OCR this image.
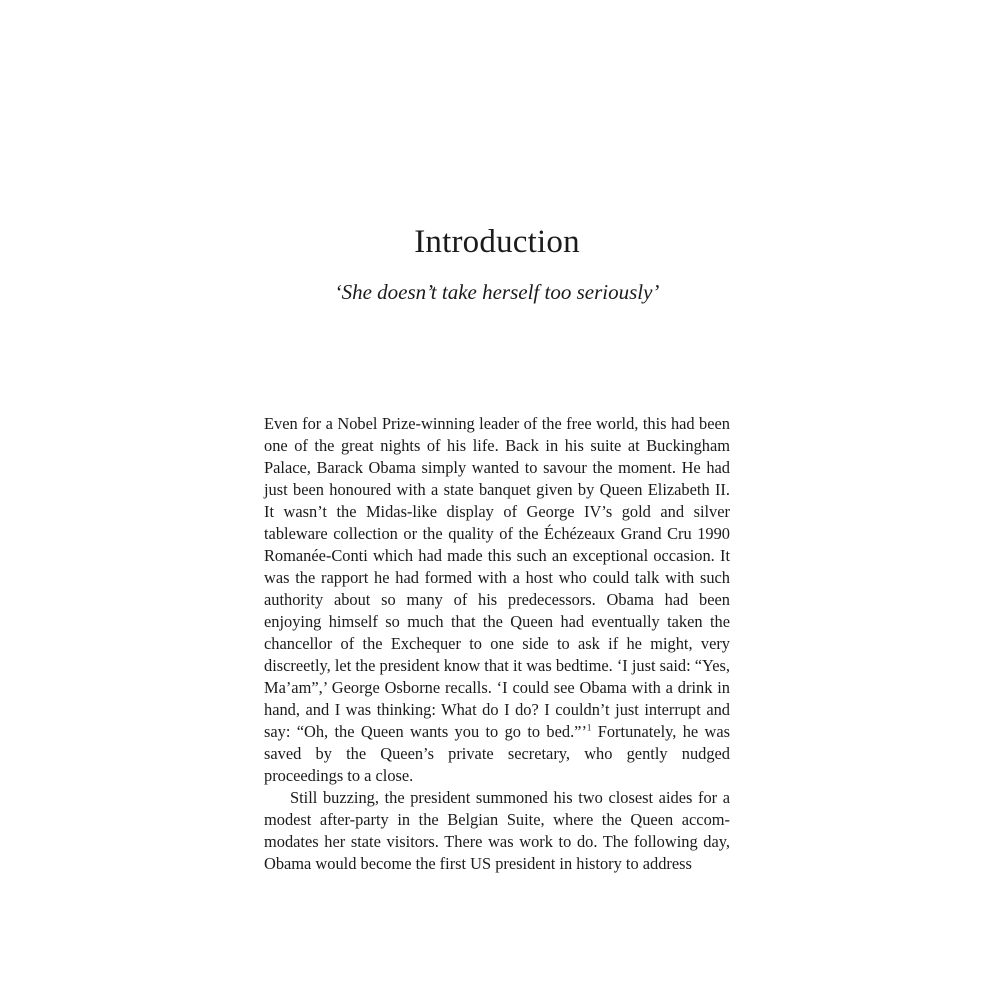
Introduction

‘She doesn’t take herself too seriously’

Even for a Nobel Prize-winning leader of the free world, this had been one of the great nights of his life. Back in his suite at Buckingham Palace, Barack Obama simply wanted to savour the moment. He had just been honoured with a state banquet given by Queen Elizabeth II. It wasn’t the Midas-like display of George IV’s gold and silver tableware collection or the quality of the Échézeaux Grand Cru 1990 Romanée-Conti which had made this such an exceptional occasion. It was the rapport he had formed with a host who could talk with such authority about so many of his predecessors. Obama had been enjoying himself so much that the Queen had eventually taken the chancellor of the Exchequer to one side to ask if he might, very discreetly, let the president know that it was bedtime. ‘I just said: “Yes, Ma’am”,’ George Osborne recalls. ‘I could see Obama with a drink in hand, and I was thinking: What do I do? I couldn’t just interrupt and say: “Oh, the Queen wants you to go to bed.”’$^1$ Fortunately, he was saved by the Queen’s private secretary, who gently nudged proceedings to a close.

Still buzzing, the president summoned his two closest aides for a modest after-party in the Belgian Suite, where the Queen accommodates her state visitors. There was work to do. The following day, Obama would become the first US president in history to address
